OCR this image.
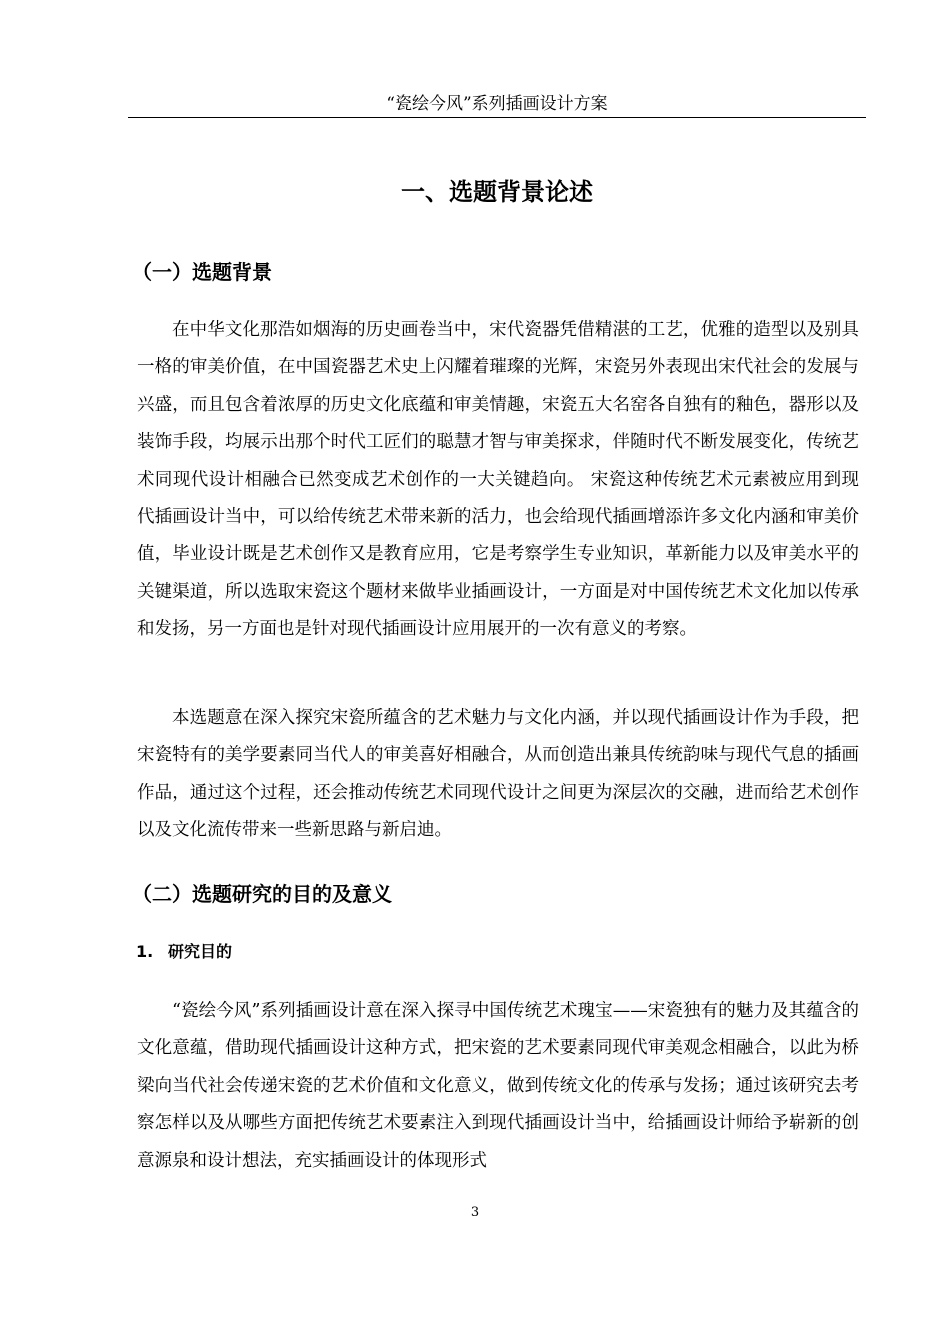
“瓷绘今风”系列插画设计方案
一、选题背景论述
（一）选题背景

在中华文化那浩如烟海的历史画卷当中，宋代瓷器凭借精湛的工艺，优雅的造型以及别具一格的审美价值，在中国瓷器艺术史上闪耀着璀璨的光辉，宋瓷另外表现出宋代社会的发展与兴盛，而且包含着浓厚的历史文化底蕴和审美情趣，宋瓷五大名窑各自独有的釉色，器形以及装饰手段，均展示出那个时代工匠们的聪慧才智与审美探求，伴随时代不断发展变化，传统艺术同现代设计相融合已然变成艺术创作的一大关键趋向。 宋瓷这种传统艺术元素被应用到现代插画设计当中，可以给传统艺术带来新的活力，也会给现代插画增添许多文化内涵和审美价值，毕业设计既是艺术创作又是教育应用，它是考察学生专业知识，革新能力以及审美水平的关键渠道，所以选取宋瓷这个题材来做毕业插画设计，一方面是对中国传统艺术文化加以传承和发扬，另一方面也是针对现代插画设计应用展开的一次有意义的考察。

本选题意在深入探究宋瓷所蕴含的艺术魅力与文化内涵，并以现代插画设计作为手段，把宋瓷特有的美学要素同当代人的审美喜好相融合，从而创造出兼具传统韵味与现代气息的插画作品，通过这个过程，还会推动传统艺术同现代设计之间更为深层次的交融，进而给艺术创作以及文化流传带来一些新思路与新启迪。

（二）选题研究的目的及意义
1. 研究目的

“瓷绘今风”系列插画设计意在深入探寻中国传统艺术瑰宝——宋瓷独有的魅力及其蕴含的文化意蕴，借助现代插画设计这种方式，把宋瓷的艺术要素同现代审美观念相融合，以此为桥梁向当代社会传递宋瓷的艺术价值和文化意义，做到传统文化的传承与发扬；通过该研究去考察怎样以及从哪些方面把传统艺术要素注入到现代插画设计当中，给插画设计师给予崭新的创意源泉和设计想法，充实插画设计的体现形式

3
